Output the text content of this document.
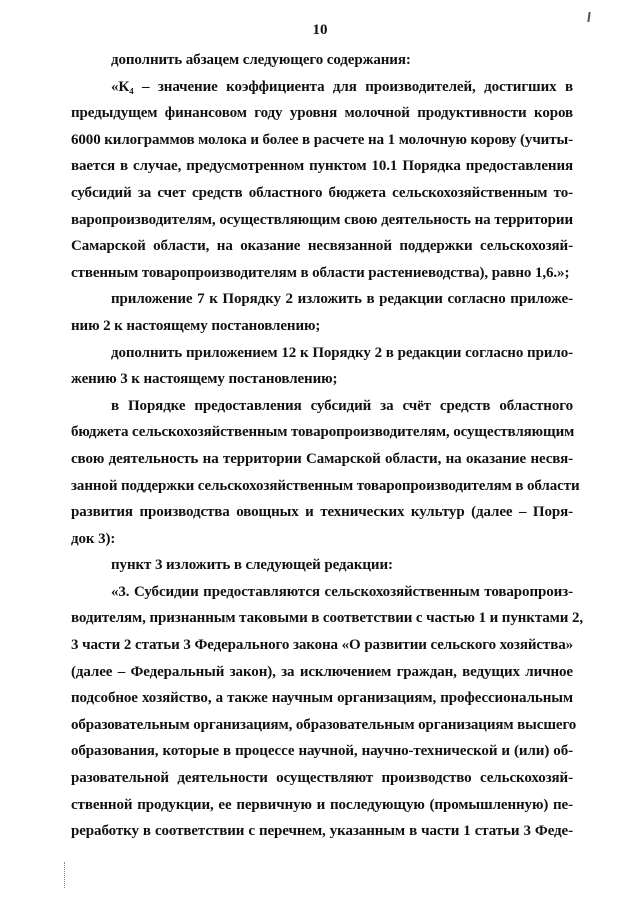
10
дополнить абзацем следующего содержания:
«К₄ – значение коэффициента для производителей, достигших в
предыдущем финансовом году уровня молочной продуктивности коров
6000 килограммов молока и более в расчете на 1 молочную корову (учиты-
вается в случае, предусмотренном пунктом 10.1 Порядка предоставления
субсидий за счет средств областного бюджета сельскохозяйственным то-
варопроизводителям, осуществляющим свою деятельность на территории
Самарской области, на оказание несвязанной поддержки сельскохозяй-
ственным товаропроизводителям в области растениеводства), равно 1,6.»;
приложение 7 к Порядку 2 изложить в редакции согласно приложе-
нию 2 к настоящему постановлению;
дополнить приложением 12 к Порядку 2 в редакции согласно прило-
жению 3 к настоящему постановлению;
в Порядке предоставления субсидий за счёт средств областного
бюджета сельскохозяйственным товаропроизводителям, осуществляющим
свою деятельность на территории Самарской области, на оказание несвя-
занной поддержки сельскохозяйственным товаропроизводителям в области
развития производства овощных и технических культур (далее – Поря-
док 3):
пункт 3 изложить в следующей редакции:
«3. Субсидии предоставляются сельскохозяйственным товаропроиз-
водителям, признанным таковыми в соответствии с частью 1 и пунктами 2,
3 части 2 статьи 3 Федерального закона «О развитии сельского хозяйства»
(далее – Федеральный закон), за исключением граждан, ведущих личное
подсобное хозяйство, а также научным организациям, профессиональным
образовательным организациям, образовательным организациям высшего
образования, которые в процессе научной, научно-технической и (или) об-
разовательной деятельности осуществляют производство сельскохозяй-
ственной продукции, ее первичную и последующую (промышленную) пе-
реработку в соответствии с перечнем, указанным в части 1 статьи 3 Феде-
